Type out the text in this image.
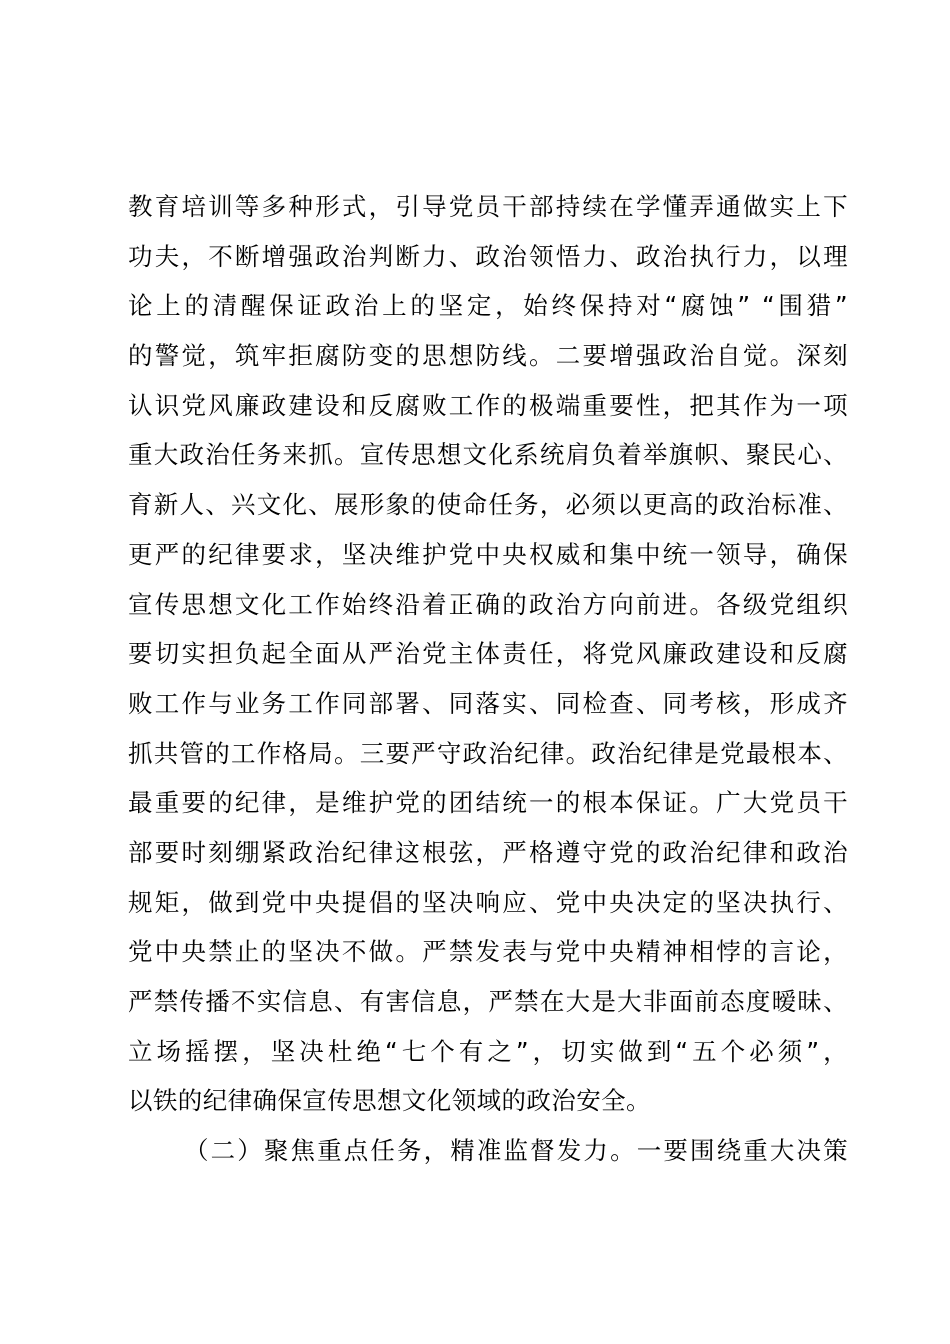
教育培训等多种形式，引导党员干部持续在学懂弄通做实上下
功夫，不断增强政治判断力、政治领悟力、政治执行力，以理
论上的清醒保证政治上的坚定，始终保持对“腐蚀” “围猎”
的警觉，筑牢拒腐防变的思想防线。二要增强政治自觉。深刻
认识党风廉政建设和反腐败工作的极端重要性，把其作为一项
重大政治任务来抓。宣传思想文化系统肩负着举旗帜、聚民心、
育新人、兴文化、展形象的使命任务，必须以更高的政治标准、
更严的纪律要求，坚决维护党中央权威和集中统一领导，确保
宣传思想文化工作始终沿着正确的政治方向前进。各级党组织
要切实担负起全面从严治党主体责任，将党风廉政建设和反腐
败工作与业务工作同部署、同落实、同检查、同考核，形成齐
抓共管的工作格局。三要严守政治纪律。政治纪律是党最根本、
最重要的纪律，是维护党的团结统一的根本保证。广大党员干
部要时刻绷紧政治纪律这根弦，严格遵守党的政治纪律和政治
规矩，做到党中央提倡的坚决响应、党中央决定的坚决执行、
党中央禁止的坚决不做。严禁发表与党中央精神相悖的言论，
严禁传播不实信息、有害信息，严禁在大是大非面前态度暧昧、
立场摇摆，坚决杜绝“七个有之”，切实做到“五个必须”，
以铁的纪律确保宣传思想文化领域的政治安全。
（二）聚焦重点任务，精准监督发力。一要围绕重大决策
